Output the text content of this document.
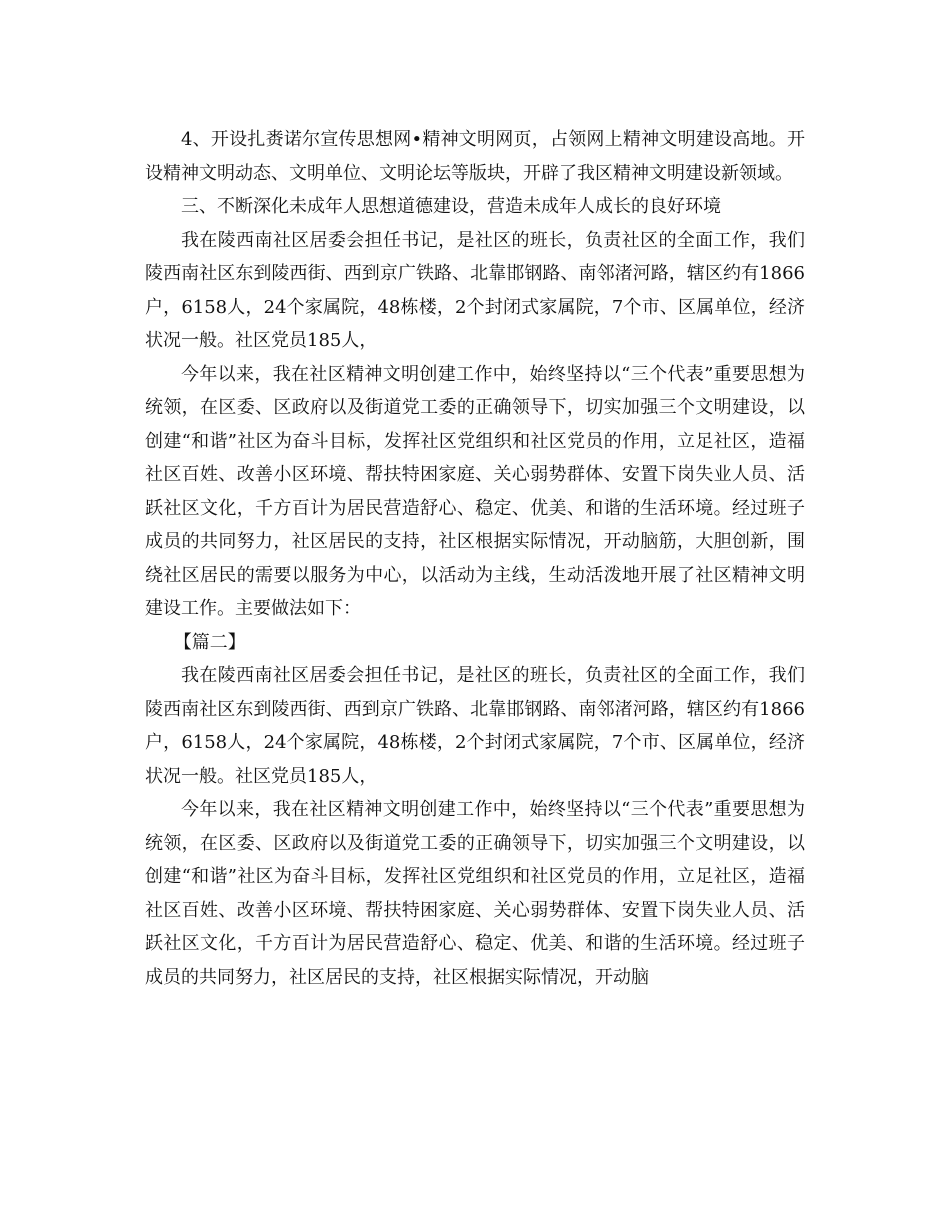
4、开设扎赉诺尔宣传思想网•精神文明网页，占领网上精神文明建设高地。开设精神文明动态、文明单位、文明论坛等版块，开辟了我区精神文明建设新领域。

三、不断深化未成年人思想道德建设，营造未成年人成长的良好环境

我在陵西南社区居委会担任书记，是社区的班长，负责社区的全面工作，我们陵西南社区东到陵西街、西到京广铁路、北靠邯钢路、南邻渚河路，辖区约有1866户，6158人，24个家属院，48栋楼，2个封闭式家属院，7个市、区属单位，经济状况一般。社区党员185人，

今年以来，我在社区精神文明创建工作中，始终坚持以“三个代表”重要思想为统领，在区委、区政府以及街道党工委的正确领导下，切实加强三个文明建设，以创建“和谐”社区为奋斗目标，发挥社区党组织和社区党员的作用，立足社区，造福社区百姓、改善小区环境、帮扶特困家庭、关心弱势群体、安置下岗失业人员、活跃社区文化，千方百计为居民营造舒心、稳定、优美、和谐的生活环境。经过班子成员的共同努力，社区居民的支持，社区根据实际情况，开动脑筋，大胆创新，围绕社区居民的需要以服务为中心，以活动为主线，生动活泼地开展了社区精神文明建设工作。主要做法如下：

【篇二】

我在陵西南社区居委会担任书记，是社区的班长，负责社区的全面工作，我们陵西南社区东到陵西街、西到京广铁路、北靠邯钢路、南邻渚河路，辖区约有1866户，6158人，24个家属院，48栋楼，2个封闭式家属院，7个市、区属单位，经济状况一般。社区党员185人，

今年以来，我在社区精神文明创建工作中，始终坚持以“三个代表”重要思想为统领，在区委、区政府以及街道党工委的正确领导下，切实加强三个文明建设，以创建“和谐”社区为奋斗目标，发挥社区党组织和社区党员的作用，立足社区，造福社区百姓、改善小区环境、帮扶特困家庭、关心弱势群体、安置下岗失业人员、活跃社区文化，千方百计为居民营造舒心、稳定、优美、和谐的生活环境。经过班子成员的共同努力，社区居民的支持，社区根据实际情况，开动脑
